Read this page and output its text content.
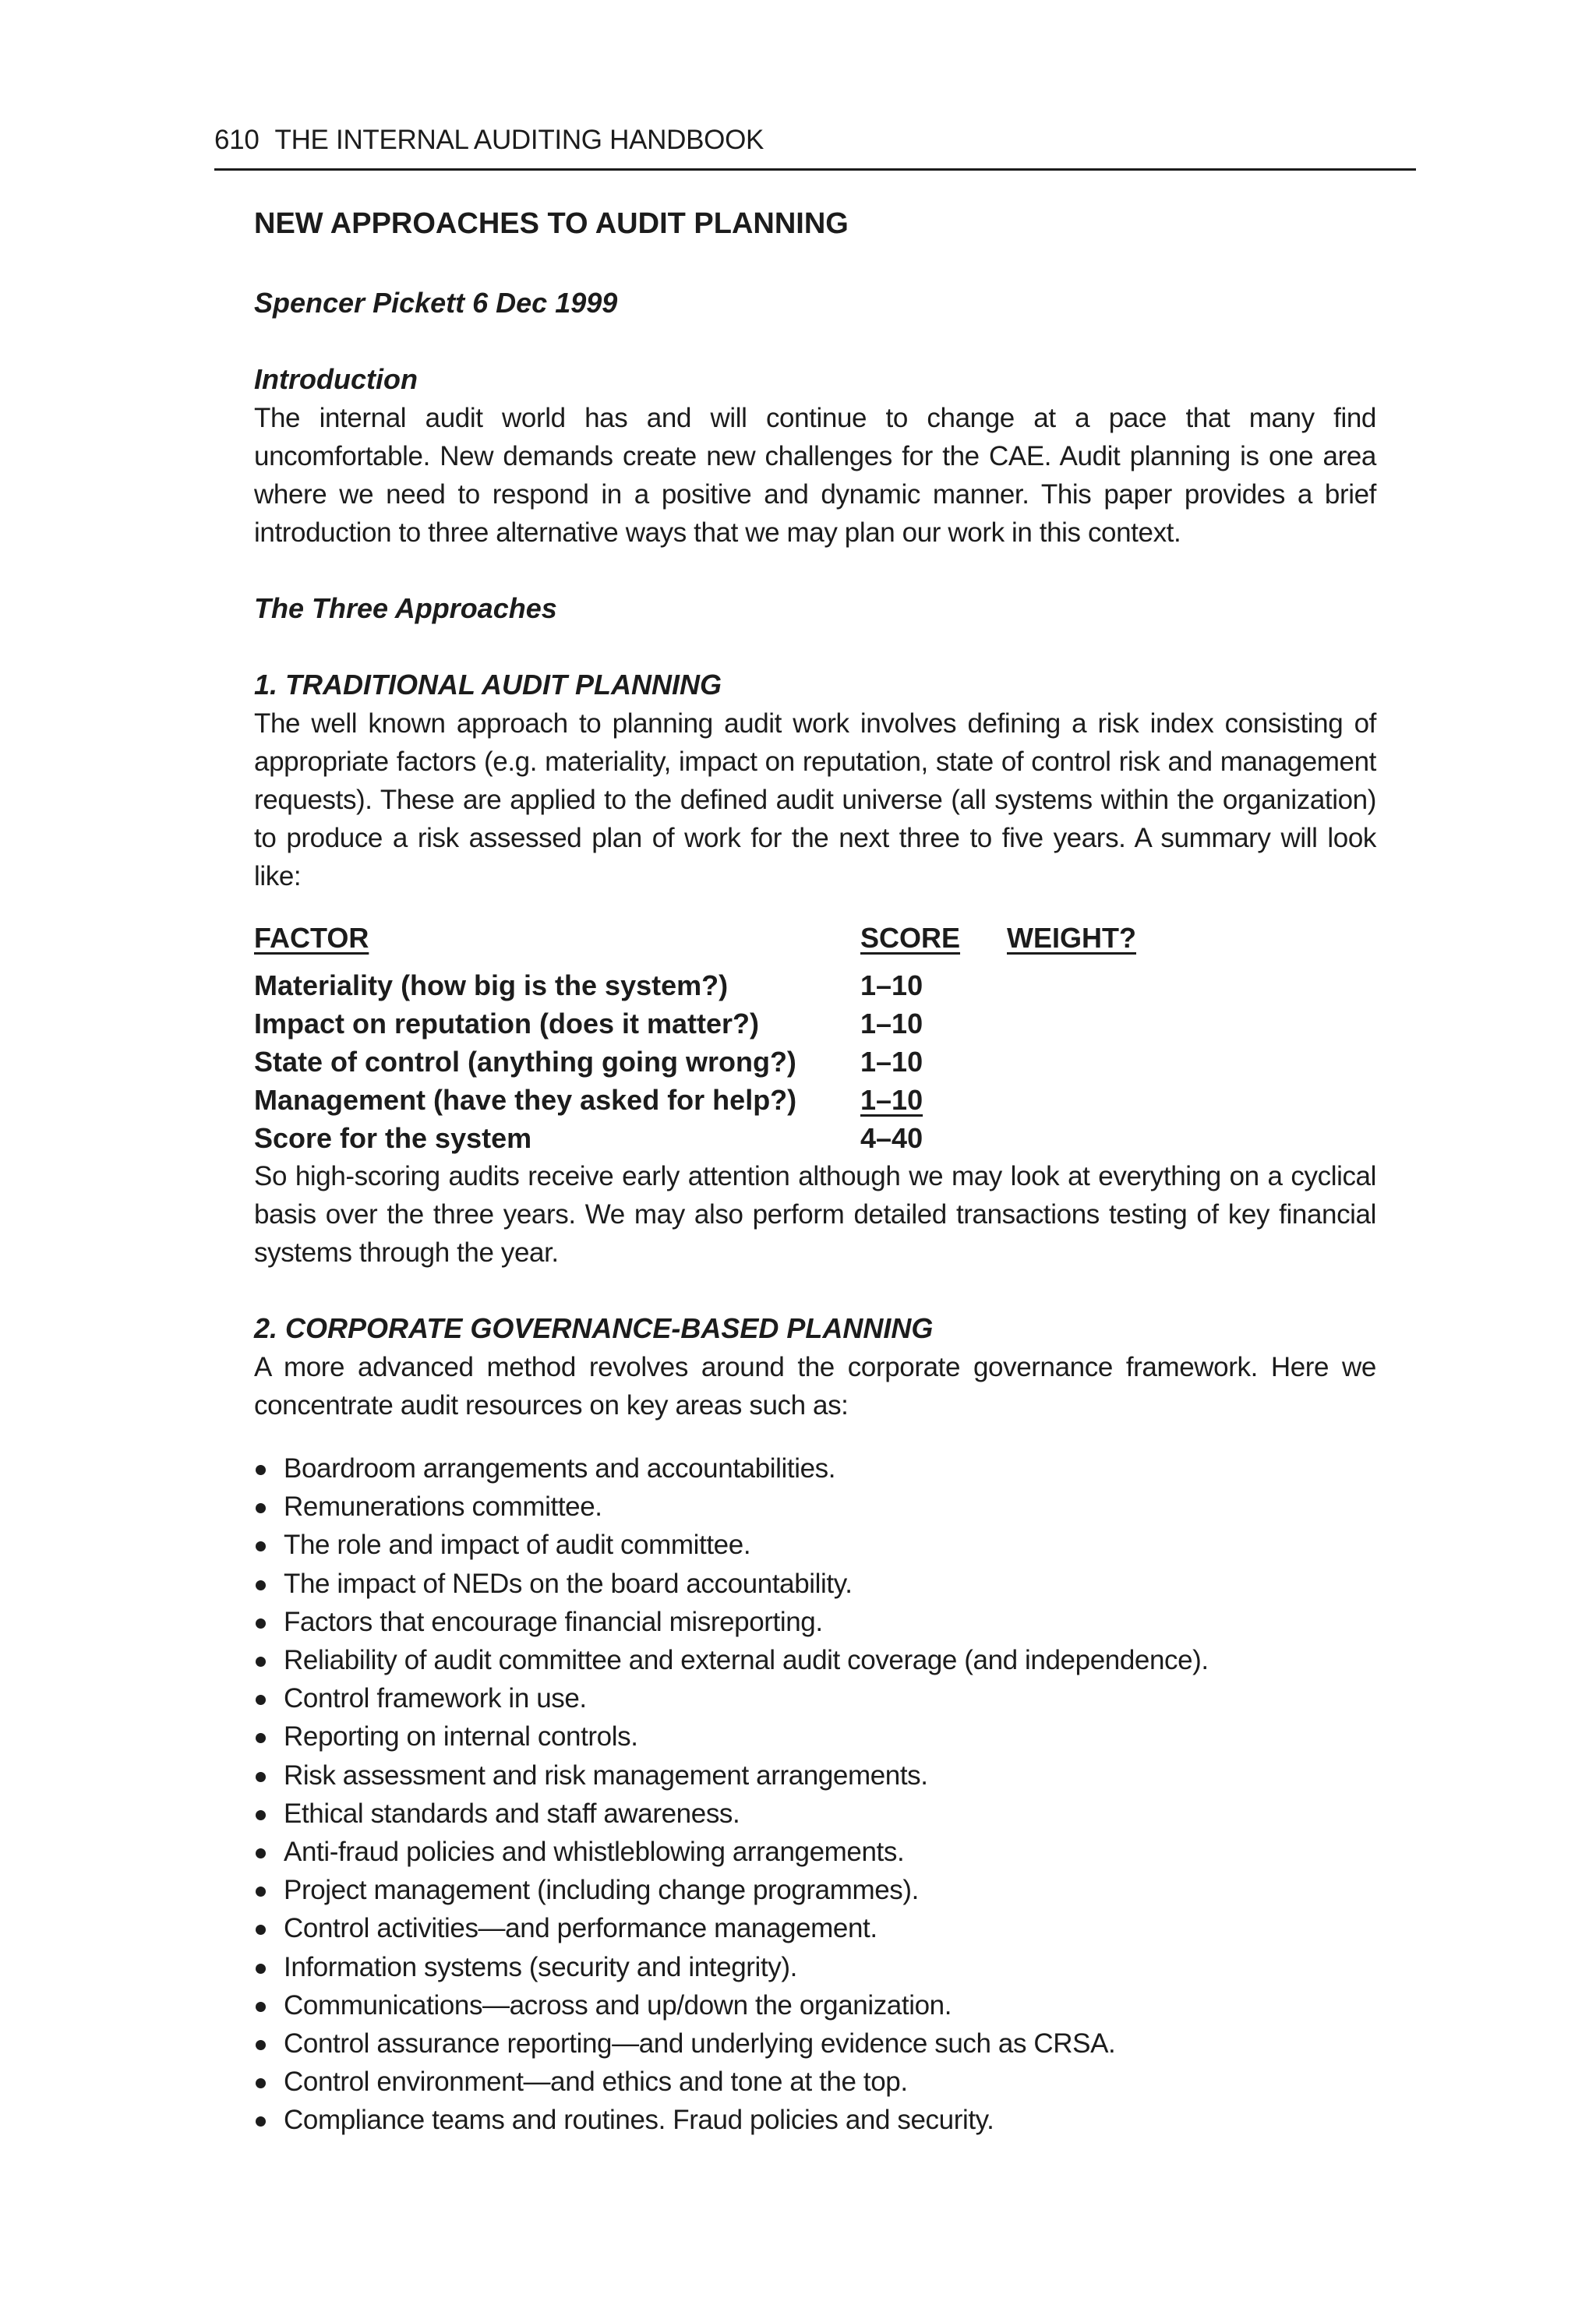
610 THE INTERNAL AUDITING HANDBOOK
NEW APPROACHES TO AUDIT PLANNING
Spencer Pickett 6 Dec 1999
Introduction

The internal audit world has and will continue to change at a pace that many find uncomfortable. New demands create new challenges for the CAE. Audit planning is one area where we need to respond in a positive and dynamic manner. This paper provides a brief introduction to three alternative ways that we may plan our work in this context.

The Three Approaches
1. TRADITIONAL AUDIT PLANNING

The well known approach to planning audit work involves defining a risk index consisting of appropriate factors (e.g. materiality, impact on reputation, state of control risk and management requests). These are applied to the defined audit universe (all systems within the organization) to produce a risk assessed plan of work for the next three to five years. A summary will look like:

FACTOR	SCORE	WEIGHT?
Materiality (how big is the system?)	1–10	
Impact on reputation (does it matter?)	1–10	
State of control (anything going wrong?)	1–10	
Management (have they asked for help?)	1–10	
Score for the system	4–40	

So high-scoring audits receive early attention although we may look at everything on a cyclical basis over the three years. We may also perform detailed transactions testing of key financial systems through the year.

2. CORPORATE GOVERNANCE-BASED PLANNING

A more advanced method revolves around the corporate governance framework. Here we concentrate audit resources on key areas such as:

Boardroom arrangements and accountabilities.
Remunerations committee.
The role and impact of audit committee.
The impact of NEDs on the board accountability.
Factors that encourage financial misreporting.
Reliability of audit committee and external audit coverage (and independence).
Control framework in use.
Reporting on internal controls.
Risk assessment and risk management arrangements.
Ethical standards and staff awareness.
Anti-fraud policies and whistleblowing arrangements.
Project management (including change programmes).
Control activities—and performance management.
Information systems (security and integrity).
Communications—across and up/down the organization.
Control assurance reporting—and underlying evidence such as CRSA.
Control environment—and ethics and tone at the top.
Compliance teams and routines. Fraud policies and security.
